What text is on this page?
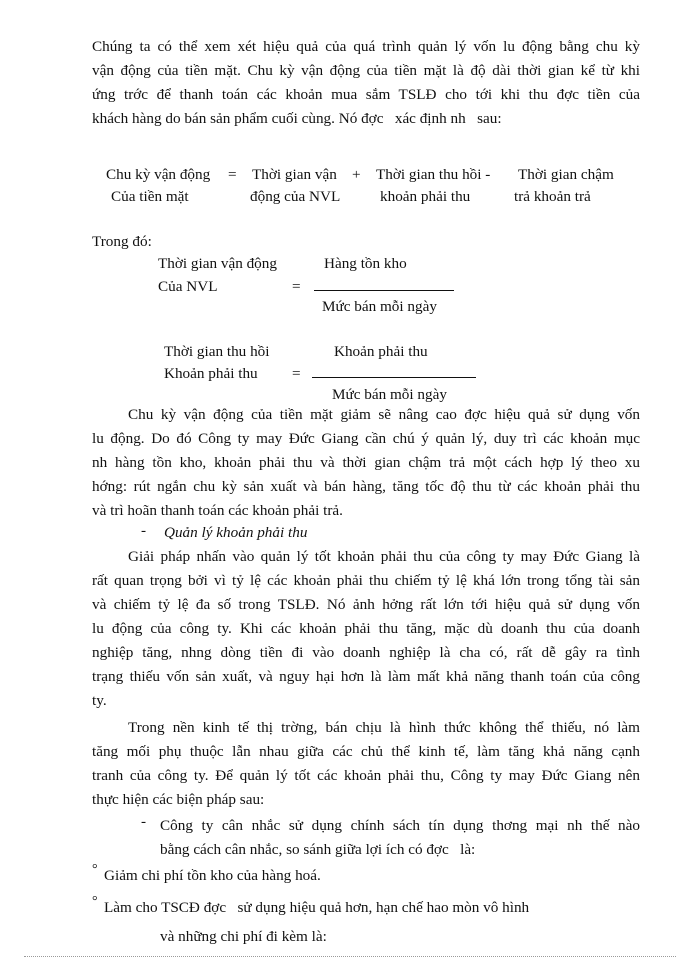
Chúng ta có thể xem xét hiệu quả của quá trình quản lý vốn lu động bằng chu kỳ
vận động của tiền mặt. Chu kỳ vận động của tiền mặt là độ dài thời gian kể từ khi
ứng trớc để thanh toán các khoản mua sắm TSLĐ cho tới khi thu đợc tiền của
khách hàng do bán sản phẩm cuối cùng. Nó đợc   xác định nh   sau:
Chu kỳ vận động
Của tiền mặt
= Thời gian vận
động của NVL
+ Thời gian thu hồi -
khoản phải thu
Thời gian chậm
trả khoản trả
Trong đó:
Thời gian vận động
Của NVL	=
Hàng tồn kho
Mức bán mỗi ngày
Thời gian thu hồi
Khoản phải thu =
Khoản phải thu
Mức bán mỗi ngày
Chu kỳ vận động của tiền mặt giảm sẽ nâng cao đợc hiệu quả sử dụng vốn
lu động. Do đó Công ty may Đức Giang cần chú ý quản lý, duy trì các khoản mục
nh hàng tồn kho, khoản phải thu và thời gian chậm trả một cách hợp lý theo xu
hớng: rút ngắn chu kỳ sản xuất và bán hàng, tăng tốc độ thu từ các khoản phải thu
và trì hoãn thanh toán các khoản phải trả.
- Quản lý khoản phải thu
Giải pháp nhấn vào quản lý tốt khoản phải thu của công ty may Đức Giang là
rất quan trọng bởi vì tỷ lệ các khoản phải thu chiếm tỷ lệ khá lớn trong tổng tài sản
và chiếm tỷ lệ đa số trong TSLĐ. Nó ảnh hởng rất lớn tới hiệu quả sử dụng vốn
lu động của công ty. Khi các khoản phải thu tăng, mặc dù doanh thu của doanh
nghiệp tăng, nhng dòng tiền đi vào doanh nghiệp là cha có, rất dễ gây ra tình
trạng thiếu vốn sản xuất, và nguy hại hơn là làm mất khả năng thanh toán của công
ty.
Trong nền kinh tế thị trờng, bán chịu là hình thức không thể thiếu, nó làm
tăng mối phụ thuộc lẫn nhau giữa các chủ thể kinh tế, làm tăng khả năng cạnh
tranh của công ty. Để quản lý tốt các khoản phải thu, Công ty may Đức Giang nên
thực hiện các biện pháp sau:
- Công ty cân nhắc sử dụng chính sách tín dụng thơng mại nh thế nào
bằng cách cân nhắc, so sánh giữa lợi ích có đợc   là:
° Giảm chi phí tồn kho của hàng hoá.
° Làm cho TSCĐ đợc   sử dụng hiệu quả hơn, hạn chế hao mòn vô hình
và những chi phí đi kèm là:
